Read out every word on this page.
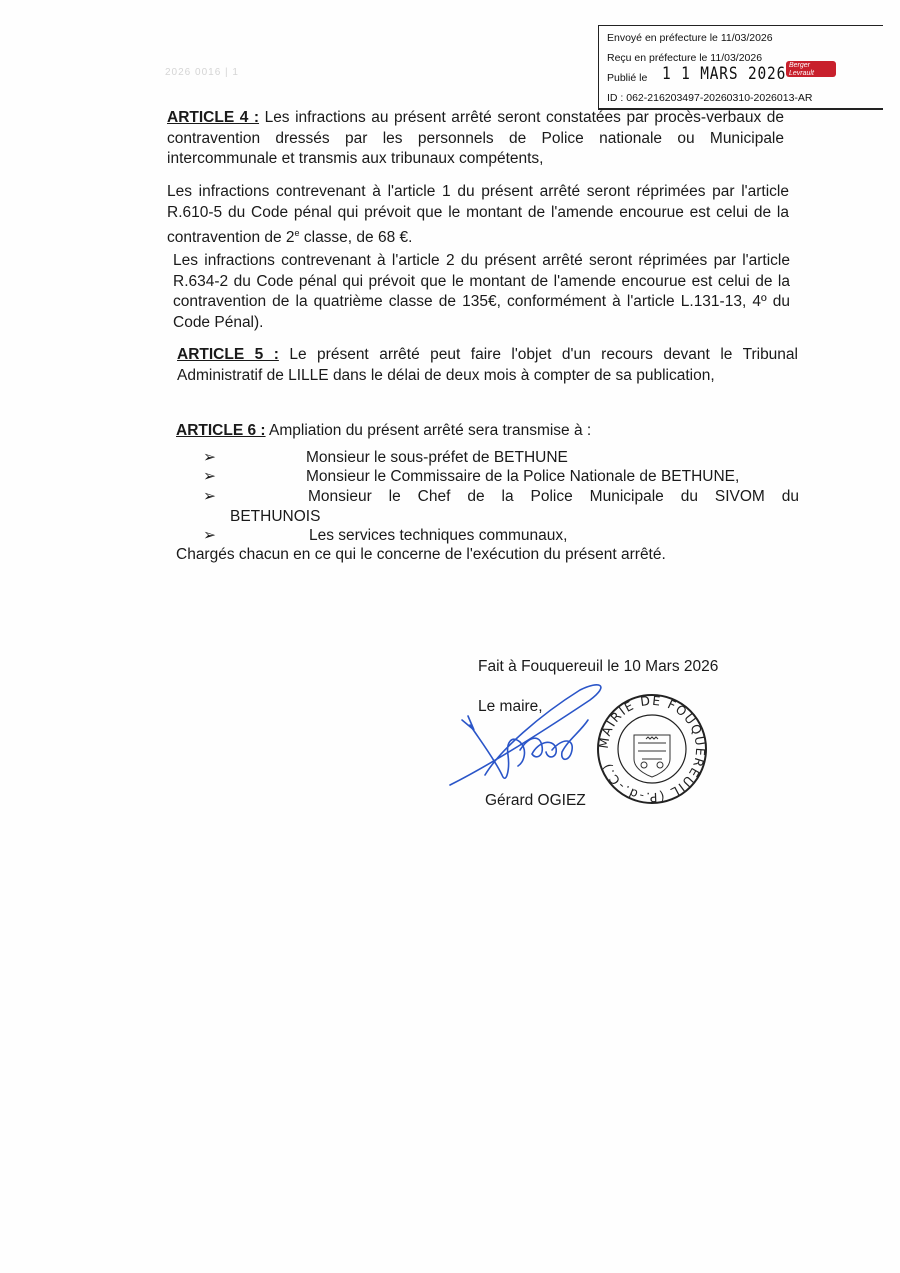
2026 0016 | 1
Envoyé en préfecture le 11/03/2026
Reçu en préfecture le 11/03/2026
Publié le 1 1 MARS 2026
ID : 062-216203497-20260310-2026013-AR
Berger
Levrault
ARTICLE 4 : Les infractions au présent arrêté seront constatées par procès-verbaux de contravention dressés par les personnels de Police nationale ou Municipale intercommunale et transmis aux tribunaux compétents,
Les infractions contrevenant à l'article 1 du présent arrêté seront réprimées par l'article R.610-5 du Code pénal qui prévoit que le montant de l'amende encourue est celui de la contravention de 2e classe, de 68 €.
Les infractions contrevenant à l'article 2 du présent arrêté seront réprimées par l'article R.634-2 du Code pénal qui prévoit que le montant de l'amende encourue est celui de la contravention de la quatrième classe de 135€, conformément à l'article L.131-13, 4º du Code Pénal).
ARTICLE 5 : Le présent arrêté peut faire l'objet d'un recours devant le Tribunal Administratif de LILLE dans le délai de deux mois à compter de sa publication,
ARTICLE 6 : Ampliation du présent arrêté sera transmise à :
➢	Monsieur le sous-préfet de BETHUNE
➢	Monsieur le Commissaire de la Police Nationale de BETHUNE,
➢	Monsieur le Chef de la Police Municipale du SIVOM du
BETHUNOIS
➢	Les services techniques communaux,
Chargés chacun en ce qui le concerne de l'exécution du présent arrêté.
Fait à Fouquereuil le 10 Mars 2026
Le maire,
Gérard OGIEZ
MAIRIE DE FOUQUEREUIL (P.-d.-C.)
